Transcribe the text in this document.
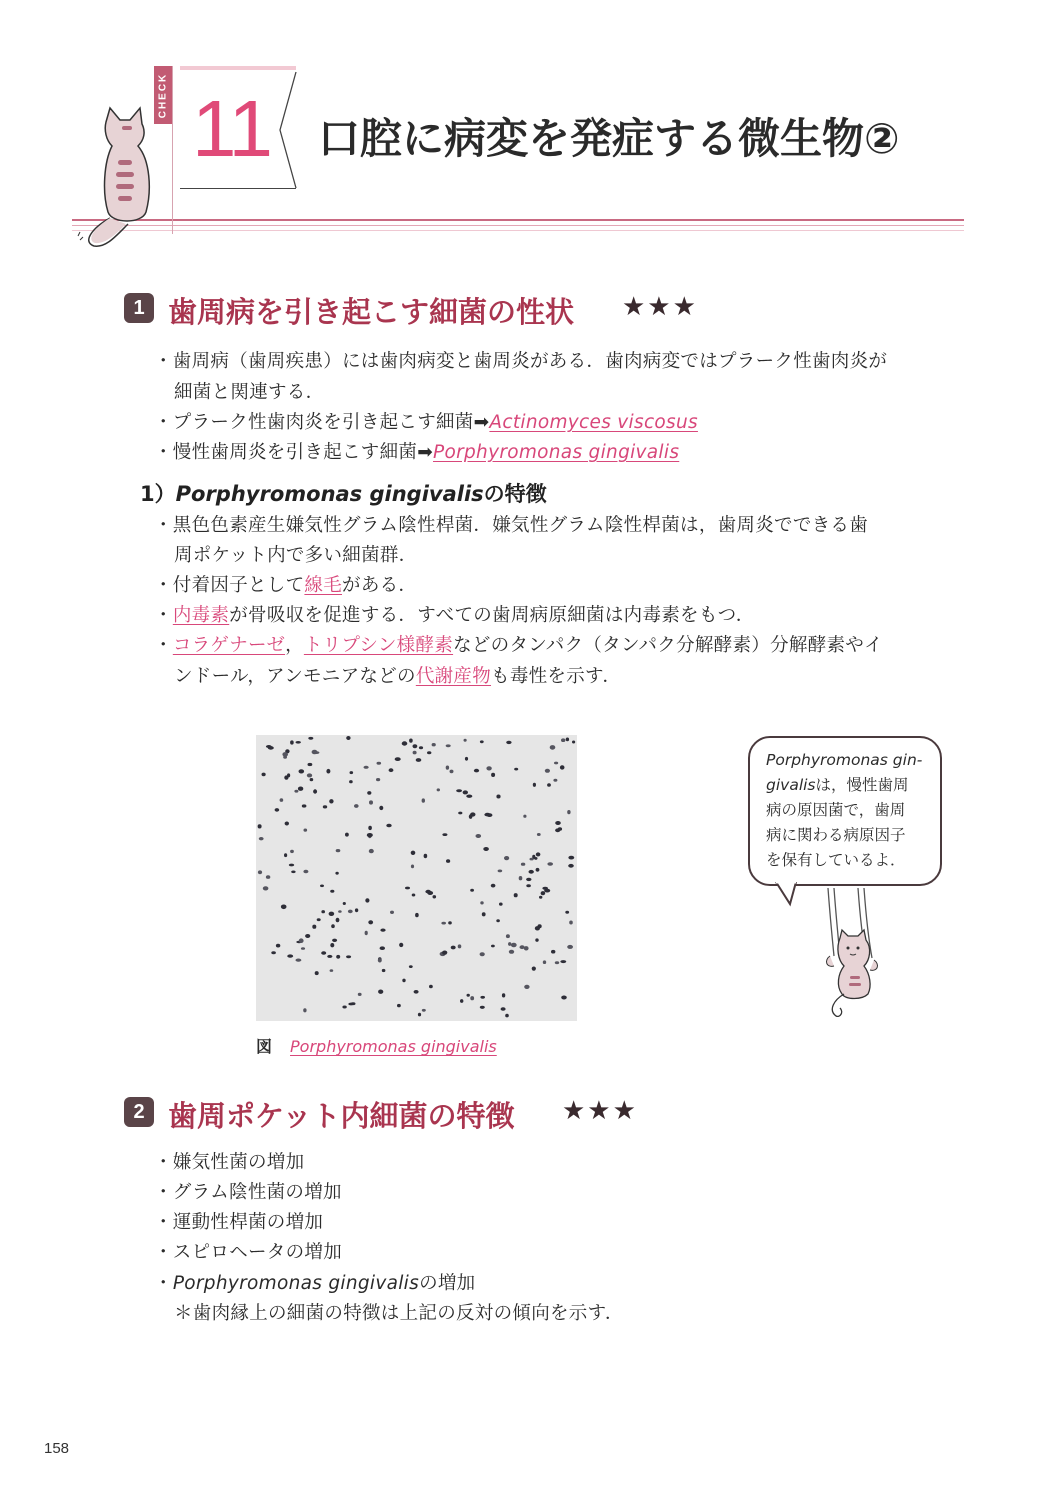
CHECK 11 口腔に病変を発症する微生物②
1 歯周病を引き起こす細菌の性状 ★★★
・歯周病（歯周疾患）には歯肉病変と歯周炎がある．歯肉病変ではプラーク性歯肉炎が
細菌と関連する．
・プラーク性歯肉炎を引き起こす細菌➡Actinomyces viscosus
・慢性歯周炎を引き起こす細菌➡Porphyromonas gingivalis
1）Porphyromonas gingivalisの特徴
・黒色色素産生嫌気性グラム陰性桿菌．嫌気性グラム陰性桿菌は，歯周炎でできる歯
周ポケット内で多い細菌群．
・付着因子として線毛がある．
・内毒素が骨吸収を促進する．すべての歯周病原細菌は内毒素をもつ．
・コラゲナーゼ，トリプシン様酵素などのタンパク（タンパク分解酵素）分解酵素やイ
ンドール，アンモニアなどの代謝産物も毒性を示す．
図 Porphyromonas gingivalis
Porphyromonas gin-
givalisは，慢性歯周
病の原因菌で，歯周
病に関わる病原因子
を保有しているよ．
2 歯周ポケット内細菌の特徴 ★★★
・嫌気性菌の増加
・グラム陰性菌の増加
・運動性桿菌の増加
・スピロヘータの増加
・Porphyromonas gingivalisの増加
＊歯肉縁上の細菌の特徴は上記の反対の傾向を示す．
158
